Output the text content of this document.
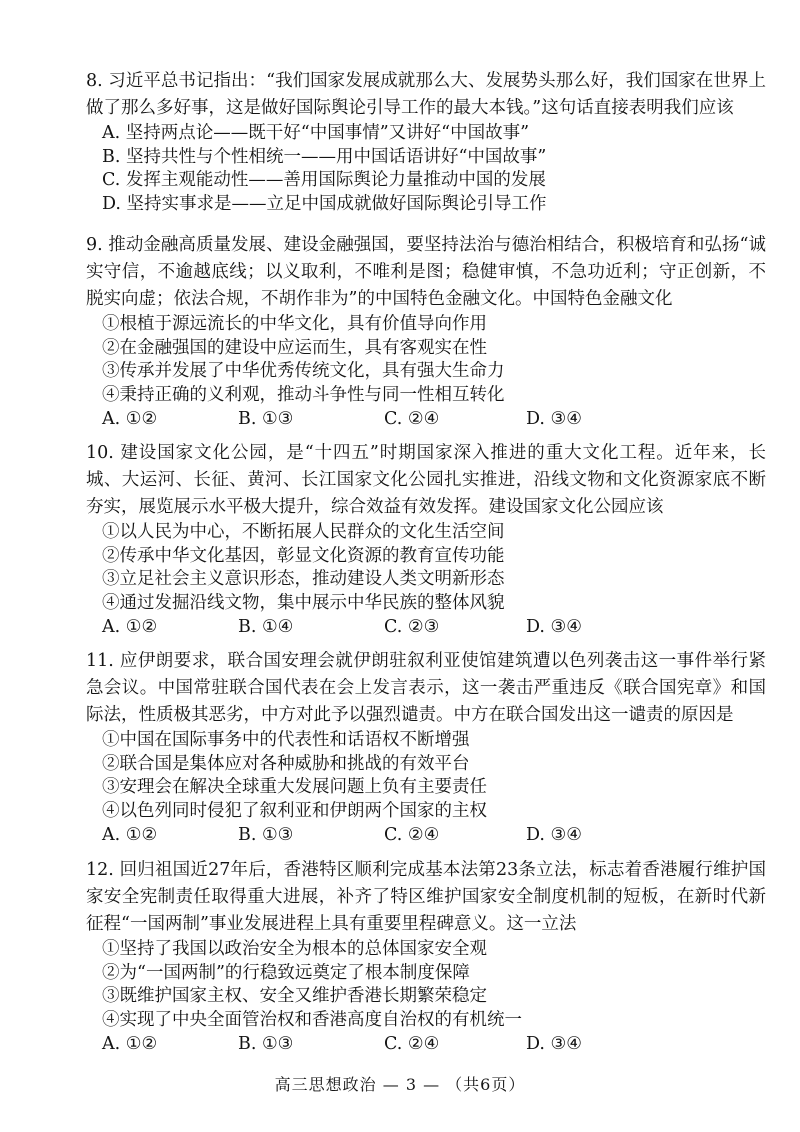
8. 习近平总书记指出：“我们国家发展成就那么大、发展势头那么好，我们国家在世界上做了那么多好事，这是做好国际舆论引导工作的最大本钱。”这句话直接表明我们应该

A. 坚持两点论——既干好“中国事情”又讲好“中国故事”
B. 坚持共性与个性相统一——用中国话语讲好“中国故事”
C. 发挥主观能动性——善用国际舆论力量推动中国的发展
D. 坚持实事求是——立足中国成就做好国际舆论引导工作

9. 推动金融高质量发展、建设金融强国，要坚持法治与德治相结合，积极培育和弘扬“诚实守信，不逾越底线；以义取利，不唯利是图；稳健审慎，不急功近利；守正创新，不脱实向虚；依法合规，不胡作非为”的中国特色金融文化。中国特色金融文化

①根植于源远流长的中华文化，具有价值导向作用
②在金融强国的建设中应运而生，具有客观实在性
③传承并发展了中华优秀传统文化，具有强大生命力
④秉持正确的义利观，推动斗争性与同一性相互转化
A. ①②	B. ①③	C. ②④	D. ③④

10. 建设国家文化公园，是“十四五”时期国家深入推进的重大文化工程。近年来，长城、大运河、长征、黄河、长江国家文化公园扎实推进，沿线文物和文化资源家底不断夯实，展览展示水平极大提升，综合效益有效发挥。建设国家文化公园应该

①以人民为中心，不断拓展人民群众的文化生活空间
②传承中华文化基因，彰显文化资源的教育宣传功能
③立足社会主义意识形态，推动建设人类文明新形态
④通过发掘沿线文物，集中展示中华民族的整体风貌
A. ①②	B. ①④	C. ②③	D. ③④

11. 应伊朗要求，联合国安理会就伊朗驻叙利亚使馆建筑遭以色列袭击这一事件举行紧急会议。中国常驻联合国代表在会上发言表示，这一袭击严重违反《联合国宪章》和国际法，性质极其恶劣，中方对此予以强烈谴责。中方在联合国发出这一谴责的原因是

①中国在国际事务中的代表性和话语权不断增强
②联合国是集体应对各种威胁和挑战的有效平台
③安理会在解决全球重大发展问题上负有主要责任
④以色列同时侵犯了叙利亚和伊朗两个国家的主权
A. ①②	B. ①③	C. ②④	D. ③④

12. 回归祖国近27年后，香港特区顺利完成基本法第23条立法，标志着香港履行维护国家安全宪制责任取得重大进展，补齐了特区维护国家安全制度机制的短板，在新时代新征程“一国两制”事业发展进程上具有重要里程碑意义。这一立法

①坚持了我国以政治安全为根本的总体国家安全观
②为“一国两制”的行稳致远奠定了根本制度保障
③既维护国家主权、安全又维护香港长期繁荣稳定
④实现了中央全面管治权和香港高度自治权的有机统一
A. ①②	B. ①③	C. ②④	D. ③④
高三思想政治 — 3 — （共6页）
